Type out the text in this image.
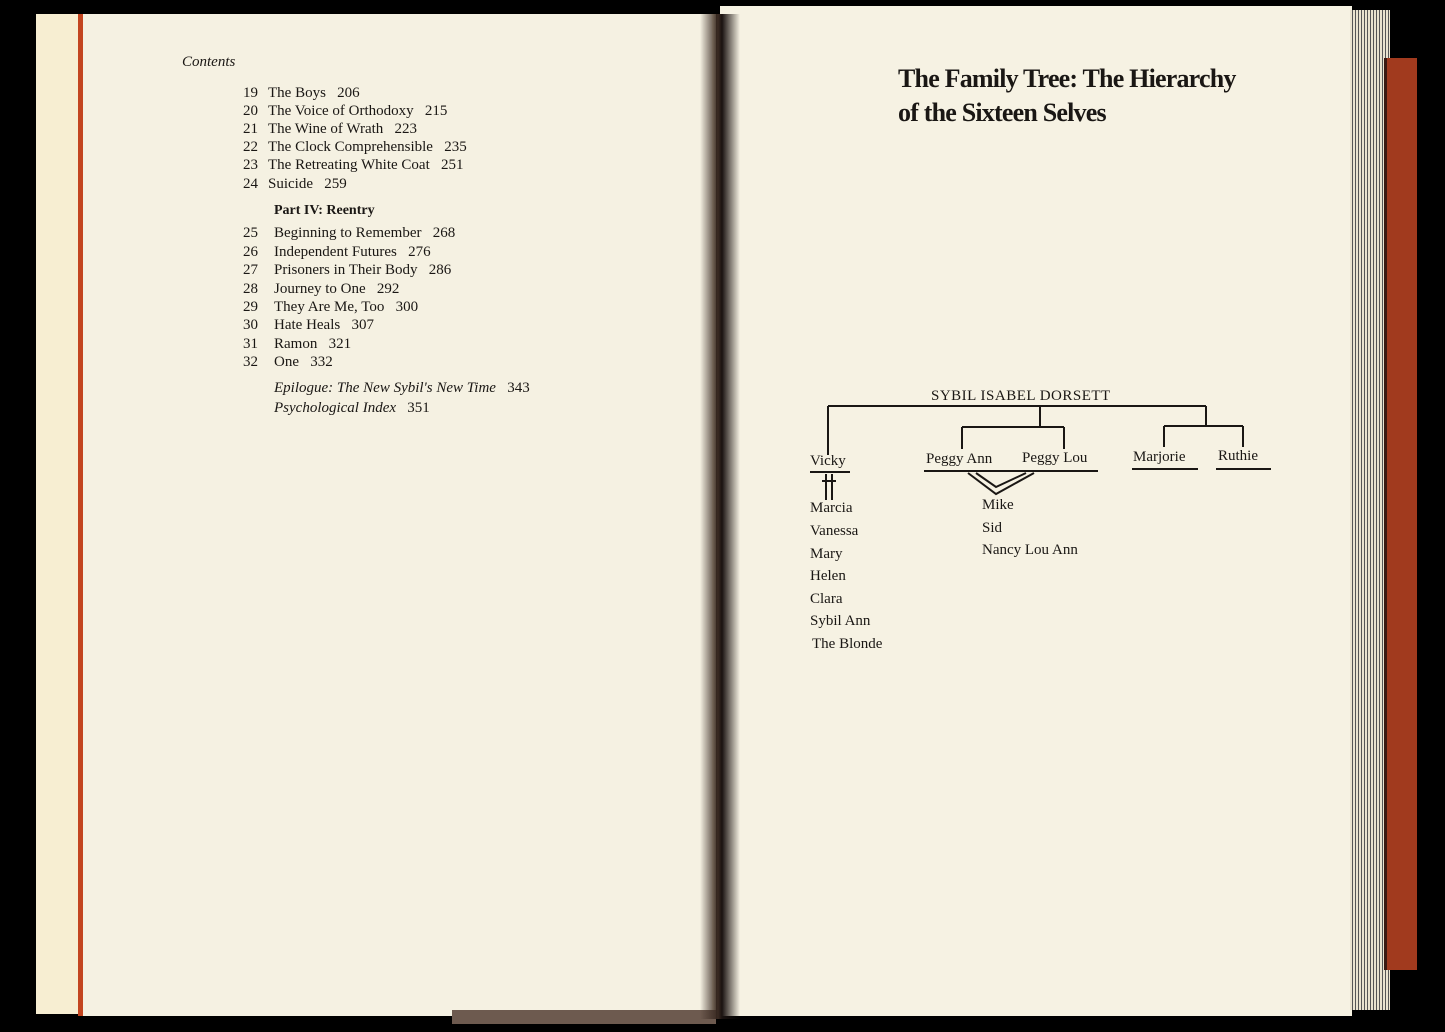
Contents
19 The Boys 206
20 The Voice of Orthodoxy 215
21 The Wine of Wrath 223
22 The Clock Comprehensible 235
23 The Retreating White Coat 251
24 Suicide 259
Part IV: Reentry
25 Beginning to Remember 268
26 Independent Futures 276
27 Prisoners in Their Body 286
28 Journey to One 292
29 They Are Me, Too 300
30 Hate Heals 307
31 Ramon 321
32 One 332
Epilogue: The New Sybil's New Time 343
Psychological Index 351
The Family Tree: The Hierarchy
of the Sixteen Selves
SYBIL ISABEL DORSETT
Vicky	Peggy Ann Peggy Lou	Marjorie Ruthie
Marcia
Vanessa
Mary
Helen
Clara
Sybil Ann
The Blonde
Mike
Sid
Nancy Lou Ann
